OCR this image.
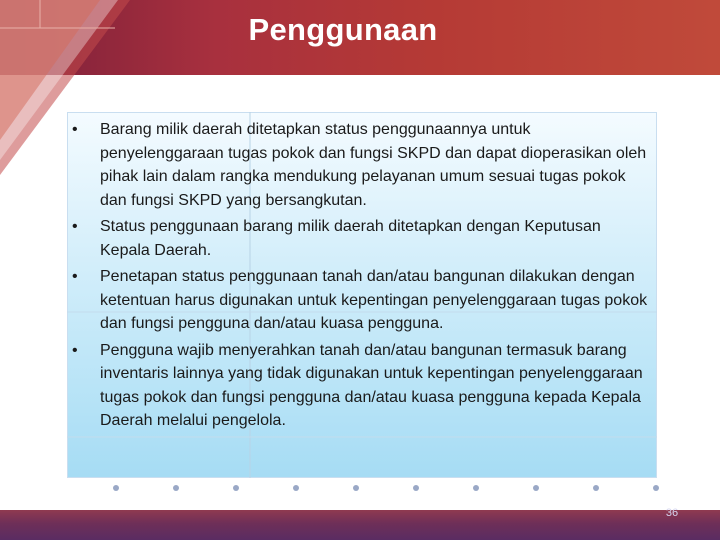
Penggunaan
•	Barang milik daerah ditetapkan status penggunaannya untuk penyelenggaraan tugas pokok dan fungsi SKPD dan dapat dioperasikan oleh pihak lain dalam rangka mendukung pelayanan umum sesuai tugas pokok dan fungsi SKPD yang bersangkutan.
•	Status penggunaan barang milik daerah ditetapkan dengan Keputusan Kepala Daerah.
•	Penetapan status penggunaan tanah dan/atau bangunan dilakukan dengan ketentuan harus digunakan untuk kepentingan penyelenggaraan tugas pokok dan fungsi pengguna dan/atau kuasa pengguna.
•	Pengguna wajib menyerahkan tanah dan/atau bangunan termasuk barang inventaris lainnya yang tidak digunakan untuk kepentingan penyelenggaraan tugas pokok dan fungsi pengguna dan/atau kuasa pengguna kepada Kepala Daerah melalui pengelola.
36
